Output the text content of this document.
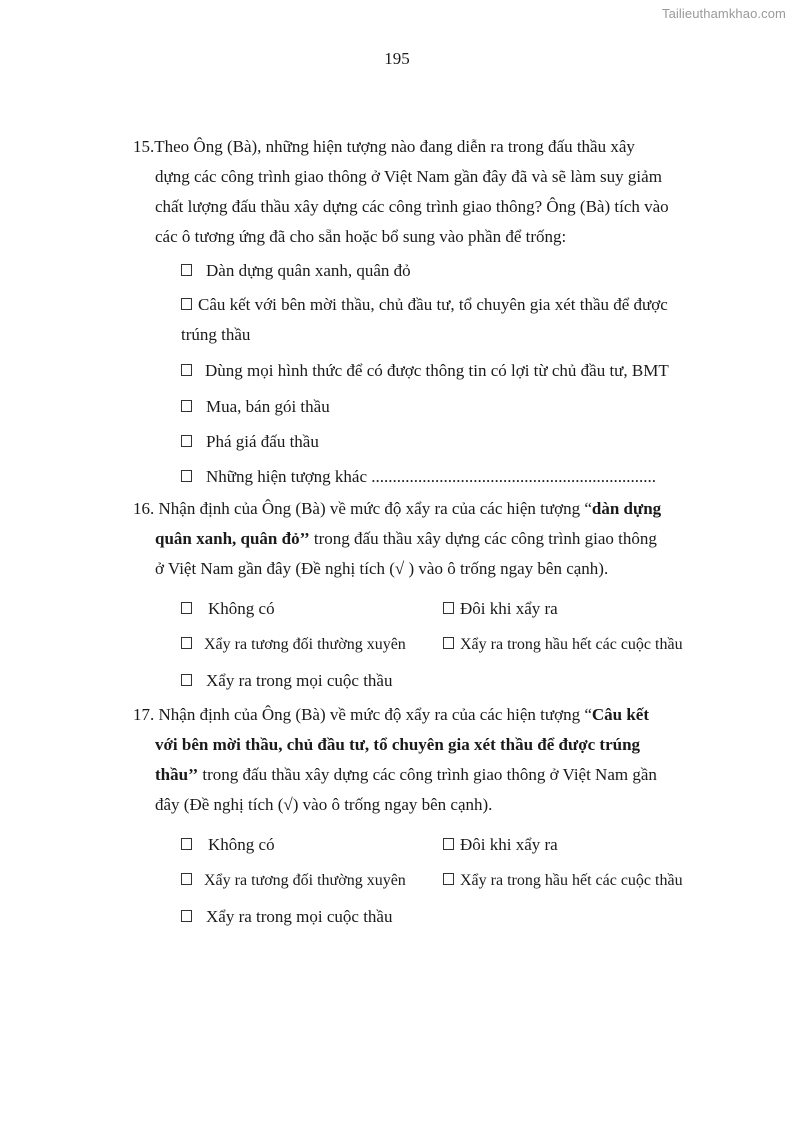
Tailieuthamkhao.com
195
15.Theo Ông (Bà), những hiện tượng nào đang diễn ra trong đấu thầu xây
dựng các công trình giao thông ở Việt Nam gần đây đã và sẽ làm suy giảm
chất lượng đấu thầu xây dựng các công trình giao thông? Ông (Bà) tích vào
các ô tương ứng đã cho sẵn hoặc bổ sung vào phần để trống:
Dàn dựng quân xanh, quân đỏ
Câu kết với bên mời thầu, chủ đầu tư, tổ chuyên gia xét thầu để được
trúng thầu
Dùng mọi hình thức để có được thông tin có lợi từ chủ đầu tư, BMT
Mua, bán gói thầu
Phá giá đấu thầu
Những hiện tượng khác ...................................................................
16. Nhận định của Ông (Bà) về mức độ xẩy ra của các hiện tượng “dàn dựng
quân xanh, quân đỏ’’ trong đấu thầu xây dựng các công trình giao thông
ở Việt Nam gần đây (Đề nghị tích (√ ) vào ô trống ngay bên cạnh).
Không có	Đôi khi xẩy ra
Xẩy ra tương đối thường xuyên	Xẩy ra trong hầu hết các cuộc thầu
Xẩy ra trong mọi cuộc thầu
17. Nhận định của Ông (Bà) về mức độ xẩy ra của các hiện tượng “Câu kết
với bên mời thầu, chủ đầu tư, tổ chuyên gia xét thầu để được trúng
thầu’’ trong đấu thầu xây dựng các công trình giao thông ở Việt Nam gần
đây (Đề nghị tích (√) vào ô trống ngay bên cạnh).
Không có	Đôi khi xẩy ra
Xẩy ra tương đối thường xuyên	Xẩy ra trong hầu hết các cuộc thầu
Xẩy ra trong mọi cuộc thầu
